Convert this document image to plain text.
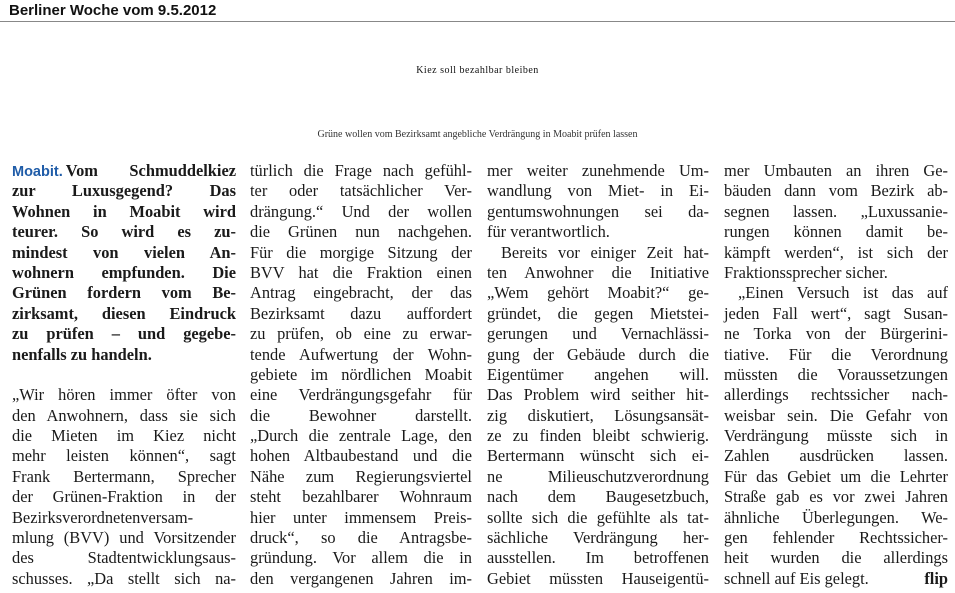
Berliner Woche vom 9.5.2012
Kiez soll bezahlbar bleiben
Grüne wollen vom Bezirksamt angebliche Verdrängung in Moabit prüfen lassen
Moabit. Vom Schmuddelkiez
zur Luxusgegend? Das
Wohnen in Moabit wird
teurer. So wird es zu-
mindest von vielen An-
wohnern empfunden. Die
Grünen fordern vom Be-
zirksamt, diesen Eindruck
zu prüfen – und gegebe-
nenfalls zu handeln.
„Wir hören immer öfter von
den Anwohnern, dass sie sich
die Mieten im Kiez nicht
mehr leisten können“, sagt
Frank Bertermann, Sprecher
der Grünen-Fraktion in der
Bezirksverordnetenversam-
mlung (BVV) und Vorsitzender
des Stadtentwicklungsaus-
schusses. „Da stellt sich na-
türlich die Frage nach gefühl-
ter oder tatsächlicher Ver-
drängung.“ Und der wollen
die Grünen nun nachgehen.
Für die morgige Sitzung der
BVV hat die Fraktion einen
Antrag eingebracht, der das
Bezirksamt dazu auffordert
zu prüfen, ob eine zu erwar-
tende Aufwertung der Wohn-
gebiete im nördlichen Moabit
eine Verdrängungsgefahr für
die Bewohner darstellt.
„Durch die zentrale Lage, den
hohen Altbaubestand und die
Nähe zum Regierungsviertel
steht bezahlbarer Wohnraum
hier unter immensem Preis-
druck“, so die Antragsbe-
gründung. Vor allem die in
den vergangenen Jahren im-
mer weiter zunehmende Um-
wandlung von Miet- in Ei-
gentumswohnungen sei da-
für verantwortlich.
Bereits vor einiger Zeit hat-
ten Anwohner die Initiative
„Wem gehört Moabit?“ ge-
gründet, die gegen Mietstei-
gerungen und Vernachlässi-
gung der Gebäude durch die
Eigentümer angehen will.
Das Problem wird seither hit-
zig diskutiert, Lösungsansät-
ze zu finden bleibt schwierig.
Bertermann wünscht sich ei-
ne Milieuschutzverordnung
nach dem Baugesetzbuch,
sollte sich die gefühlte als tat-
sächliche Verdrängung her-
ausstellen. Im betroffenen
Gebiet müssten Hauseigentü-
mer Umbauten an ihren Ge-
bäuden dann vom Bezirk ab-
segnen lassen. „Luxussanie-
rungen können damit be-
kämpft werden“, ist sich der
Fraktionssprecher sicher.
„Einen Versuch ist das auf
jeden Fall wert“, sagt Susan-
ne Torka von der Bürgerini-
tiative. Für die Verordnung
müssten die Voraussetzungen
allerdings rechtssicher nach-
weisbar sein. Die Gefahr von
Verdrängung müsste sich in
Zahlen ausdrücken lassen.
Für das Gebiet um die Lehrter
Straße gab es vor zwei Jahren
ähnliche Überlegungen. We-
gen fehlender Rechtssicher-
heit wurden die allerdings
schnell auf Eis gelegt.	flip
